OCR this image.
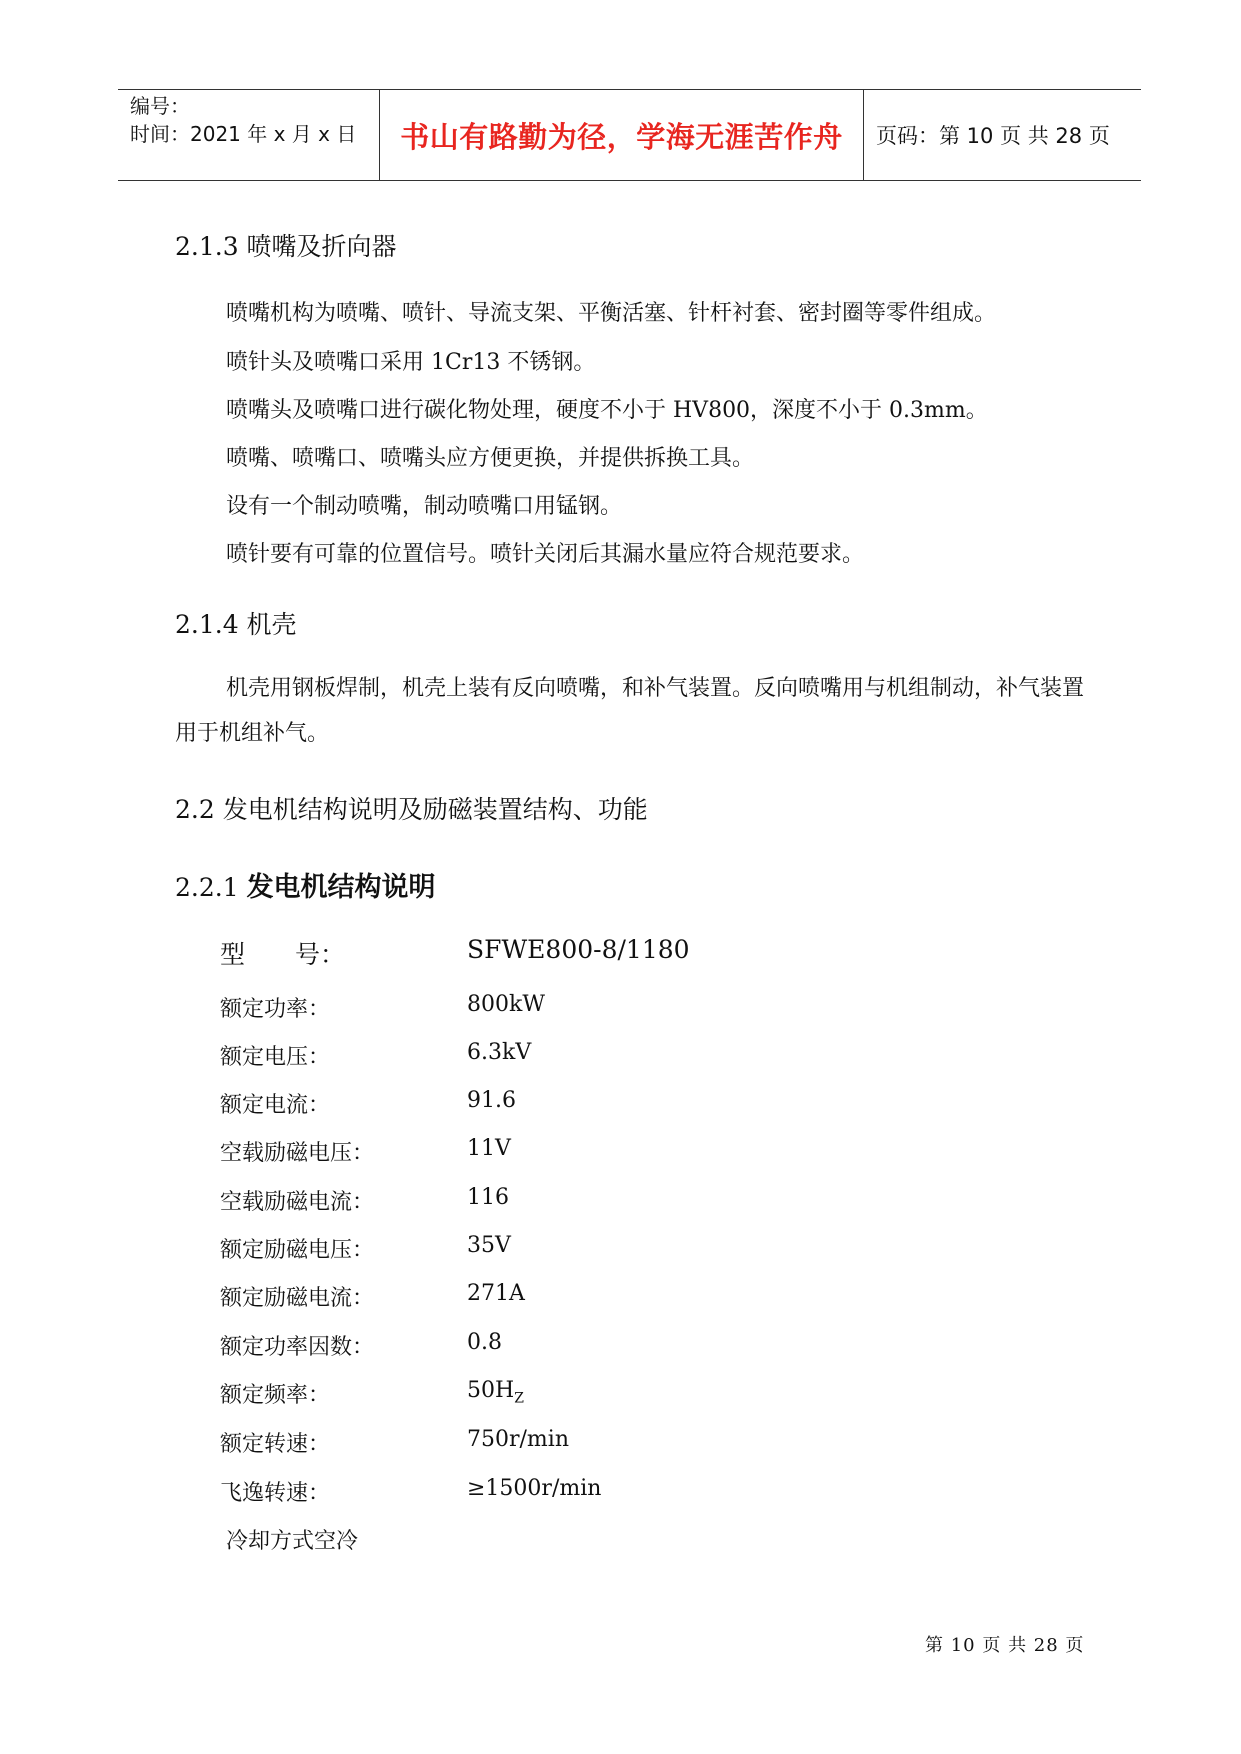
编号：
时间：2021 年 x 月 x 日	书山有路勤为径，学海无涯苦作舟	页码：第 10 页 共 28 页
2.1.3 喷嘴及折向器
喷嘴机构为喷嘴、喷针、导流支架、平衡活塞、针杆衬套、密封圈等零件组成。
喷针头及喷嘴口采用 1Cr13 不锈钢。
喷嘴头及喷嘴口进行碳化物处理，硬度不小于 HV800，深度不小于 0.3mm。
喷嘴、喷嘴口、喷嘴头应方便更换，并提供拆换工具。
设有一个制动喷嘴，制动喷嘴口用锰钢。
喷针要有可靠的位置信号。喷针关闭后其漏水量应符合规范要求。
2.1.4 机壳
机壳用钢板焊制，机壳上装有反向喷嘴，和补气装置。反向喷嘴用与机组制动，补气装置用于机组补气。
2.2 发电机结构说明及励磁装置结构、功能
2.2.1 发电机结构说明
型　　号：	SFWE800-8/1180
额定功率：	800kW
额定电压：	6.3kV
额定电流：	91.6
空载励磁电压：	11V
空载励磁电流：	116
额定励磁电压：	35V
额定励磁电流：	271A
额定功率因数：	0.8
额定频率：	$50H_Z$
额定转速：	750r/min
飞逸转速：	≥1500r/min
冷却方式空冷
第 10 页 共 28 页
